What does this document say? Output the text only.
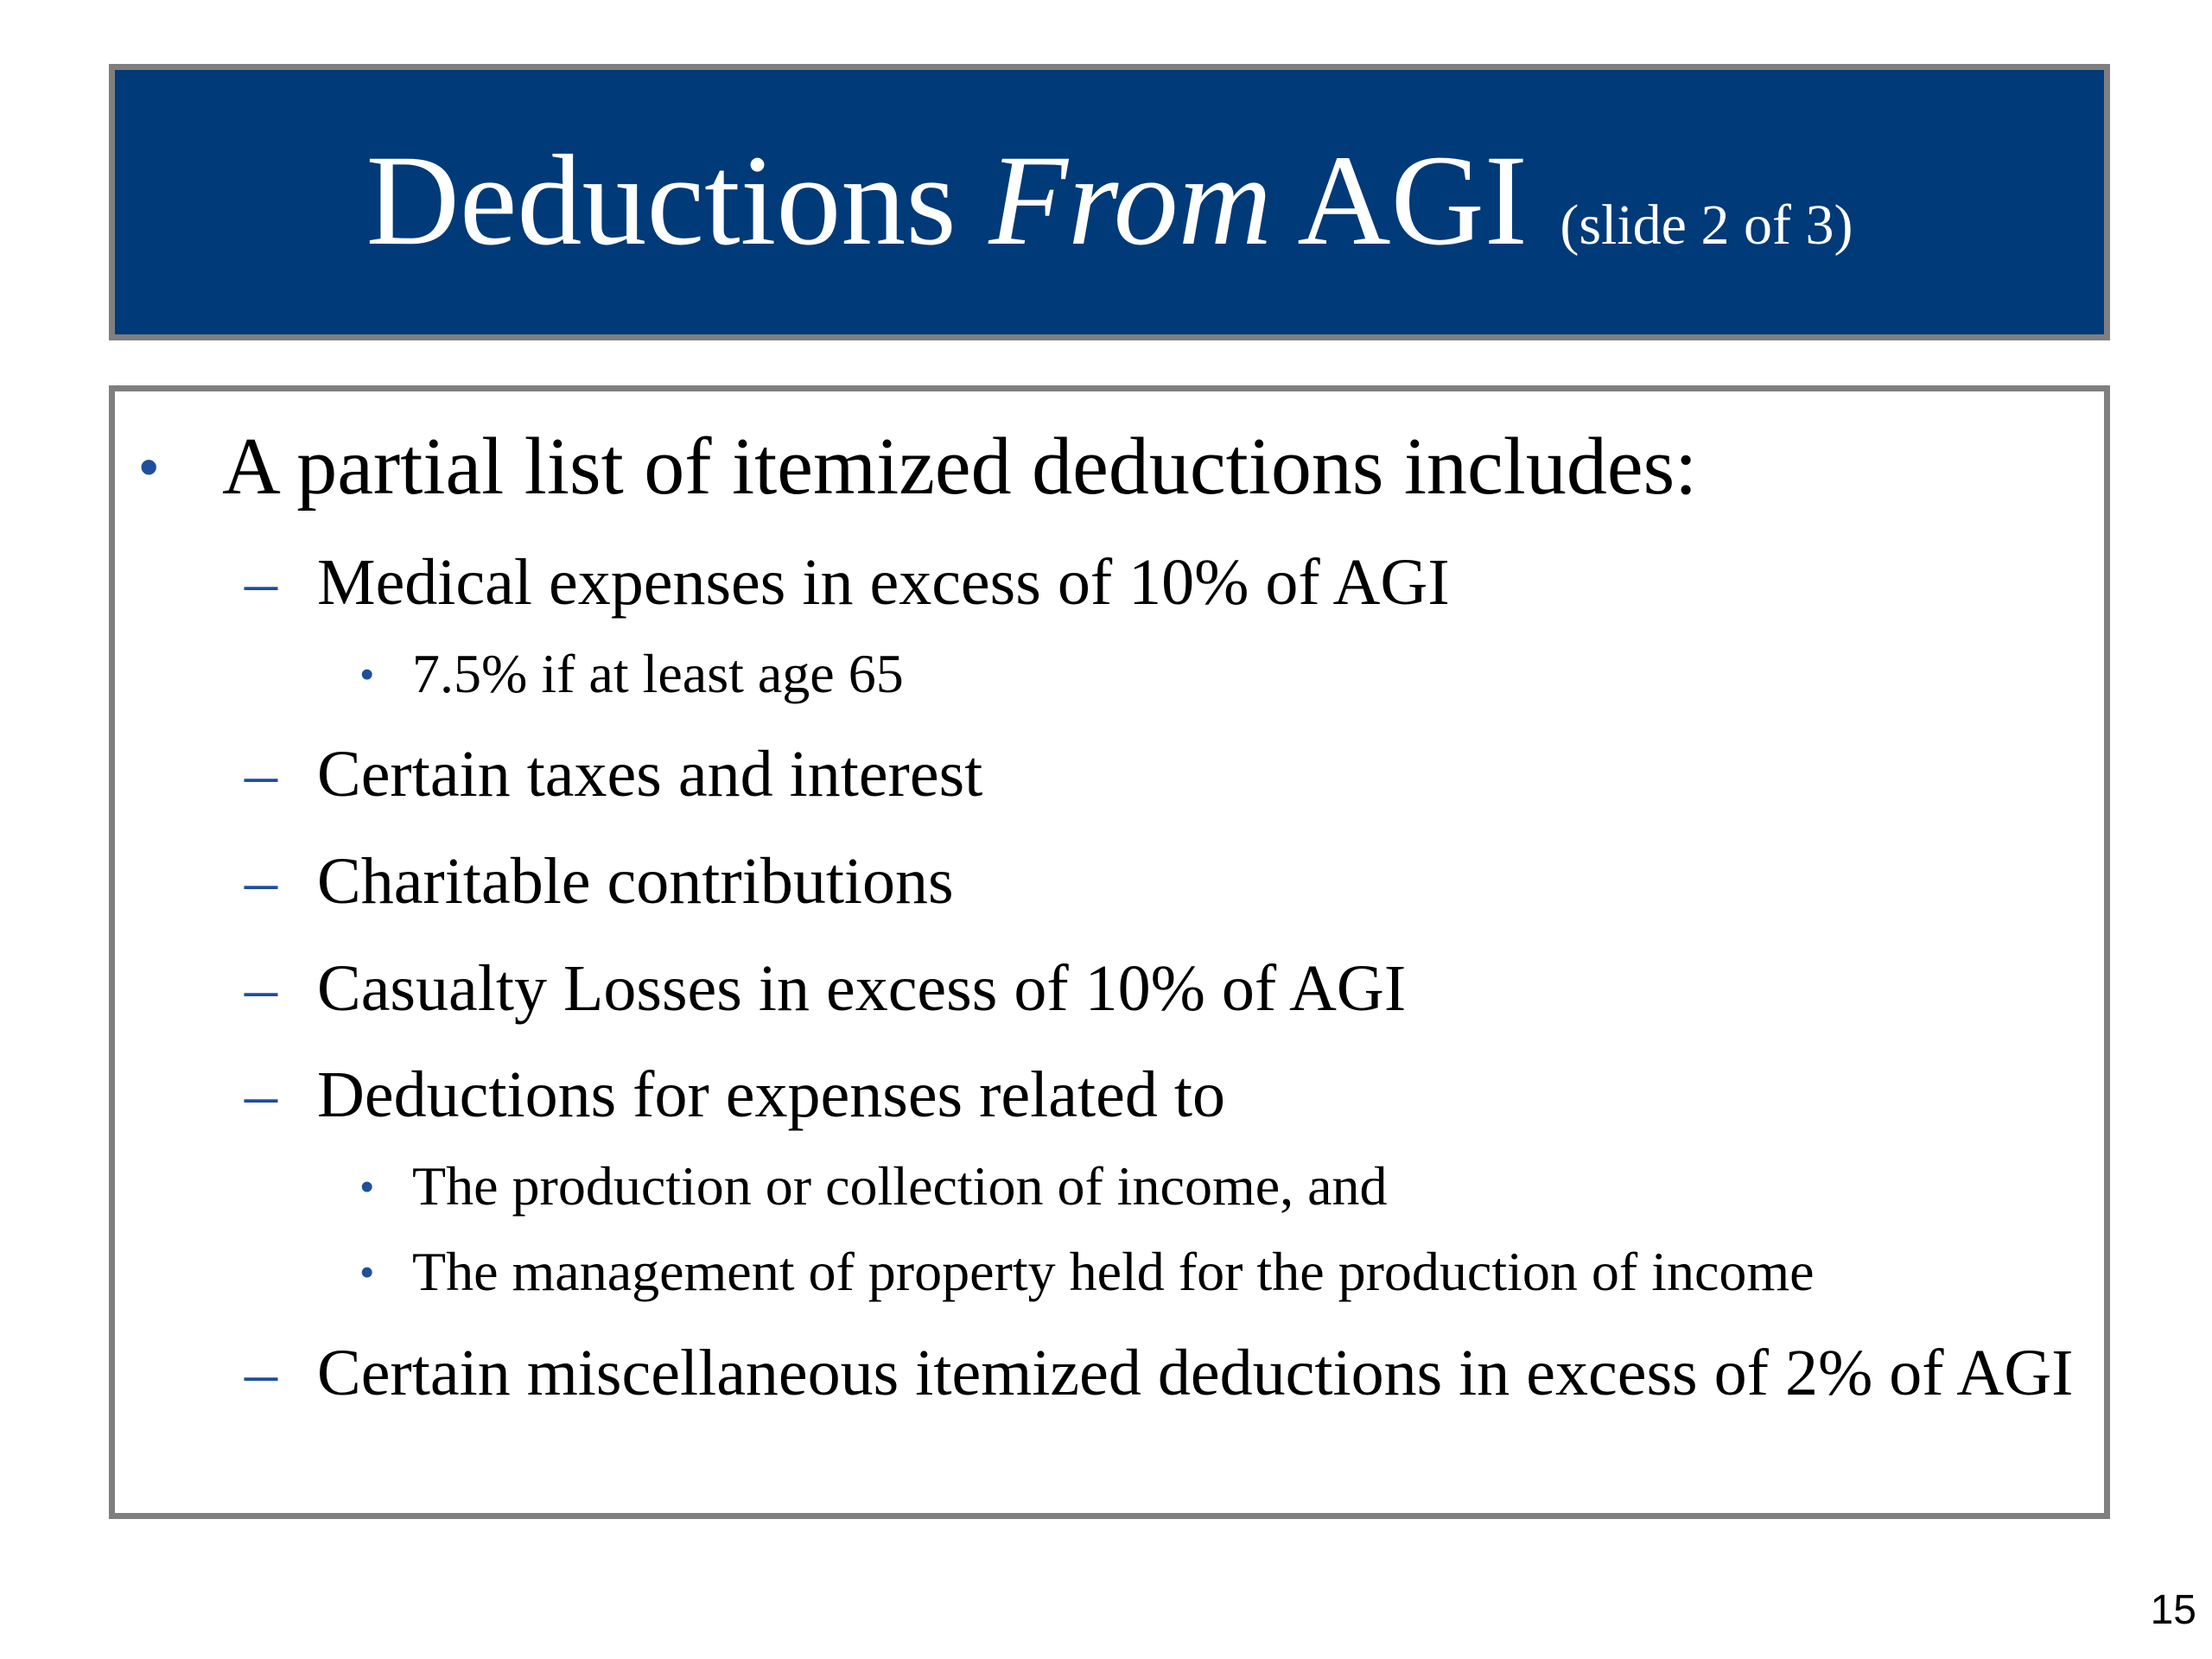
Deductions From AGI (slide 2 of 3)
• A partial list of itemized deductions includes:
– Medical expenses in excess of 10% of AGI
• 7.5% if at least age 65
– Certain taxes and interest
– Charitable contributions
– Casualty Losses in excess of 10% of AGI
– Deductions for expenses related to
• The production or collection of income, and
• The management of property held for the production of income
– Certain miscellaneous itemized deductions in excess of 2% of AGI
15
